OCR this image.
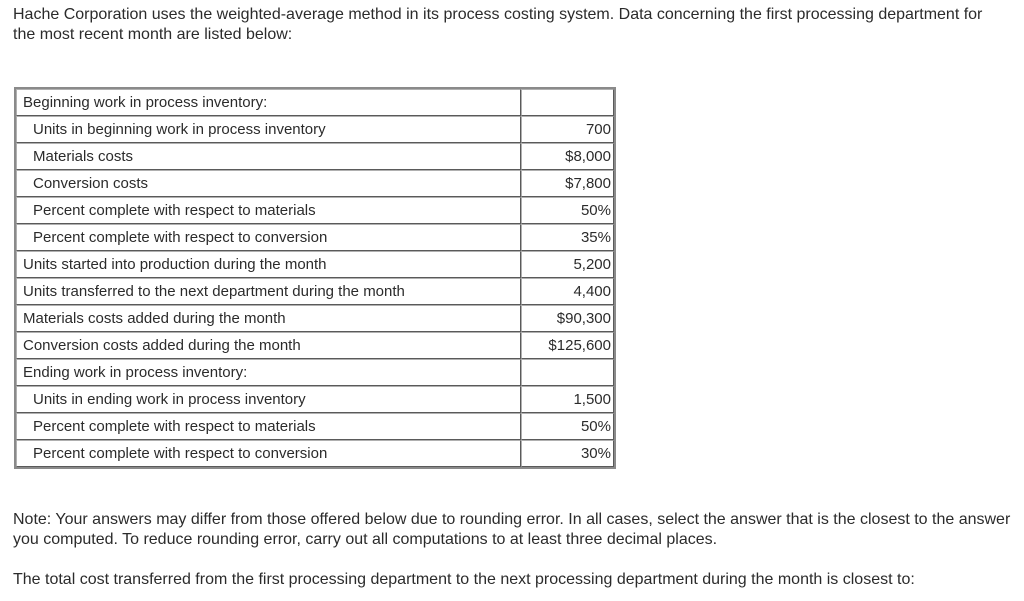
Hache Corporation uses the weighted-average method in its process costing system. Data concerning the first processing department for the most recent month are listed below:

Beginning work in process inventory:	
Units in beginning work in process inventory	700
Materials costs	$8,000
Conversion costs	$7,800
Percent complete with respect to materials	50%
Percent complete with respect to conversion	35%
Units started into production during the month	5,200
Units transferred to the next department during the month	4,400
Materials costs added during the month	$90,300
Conversion costs added during the month	$125,600
Ending work in process inventory:	
Units in ending work in process inventory	1,500
Percent complete with respect to materials	50%
Percent complete with respect to conversion	30%

Note: Your answers may differ from those offered below due to rounding error. In all cases, select the answer that is the closest to the answer you computed. To reduce rounding error, carry out all computations to at least three decimal places.

The total cost transferred from the first processing department to the next processing department during the month is closest to:
